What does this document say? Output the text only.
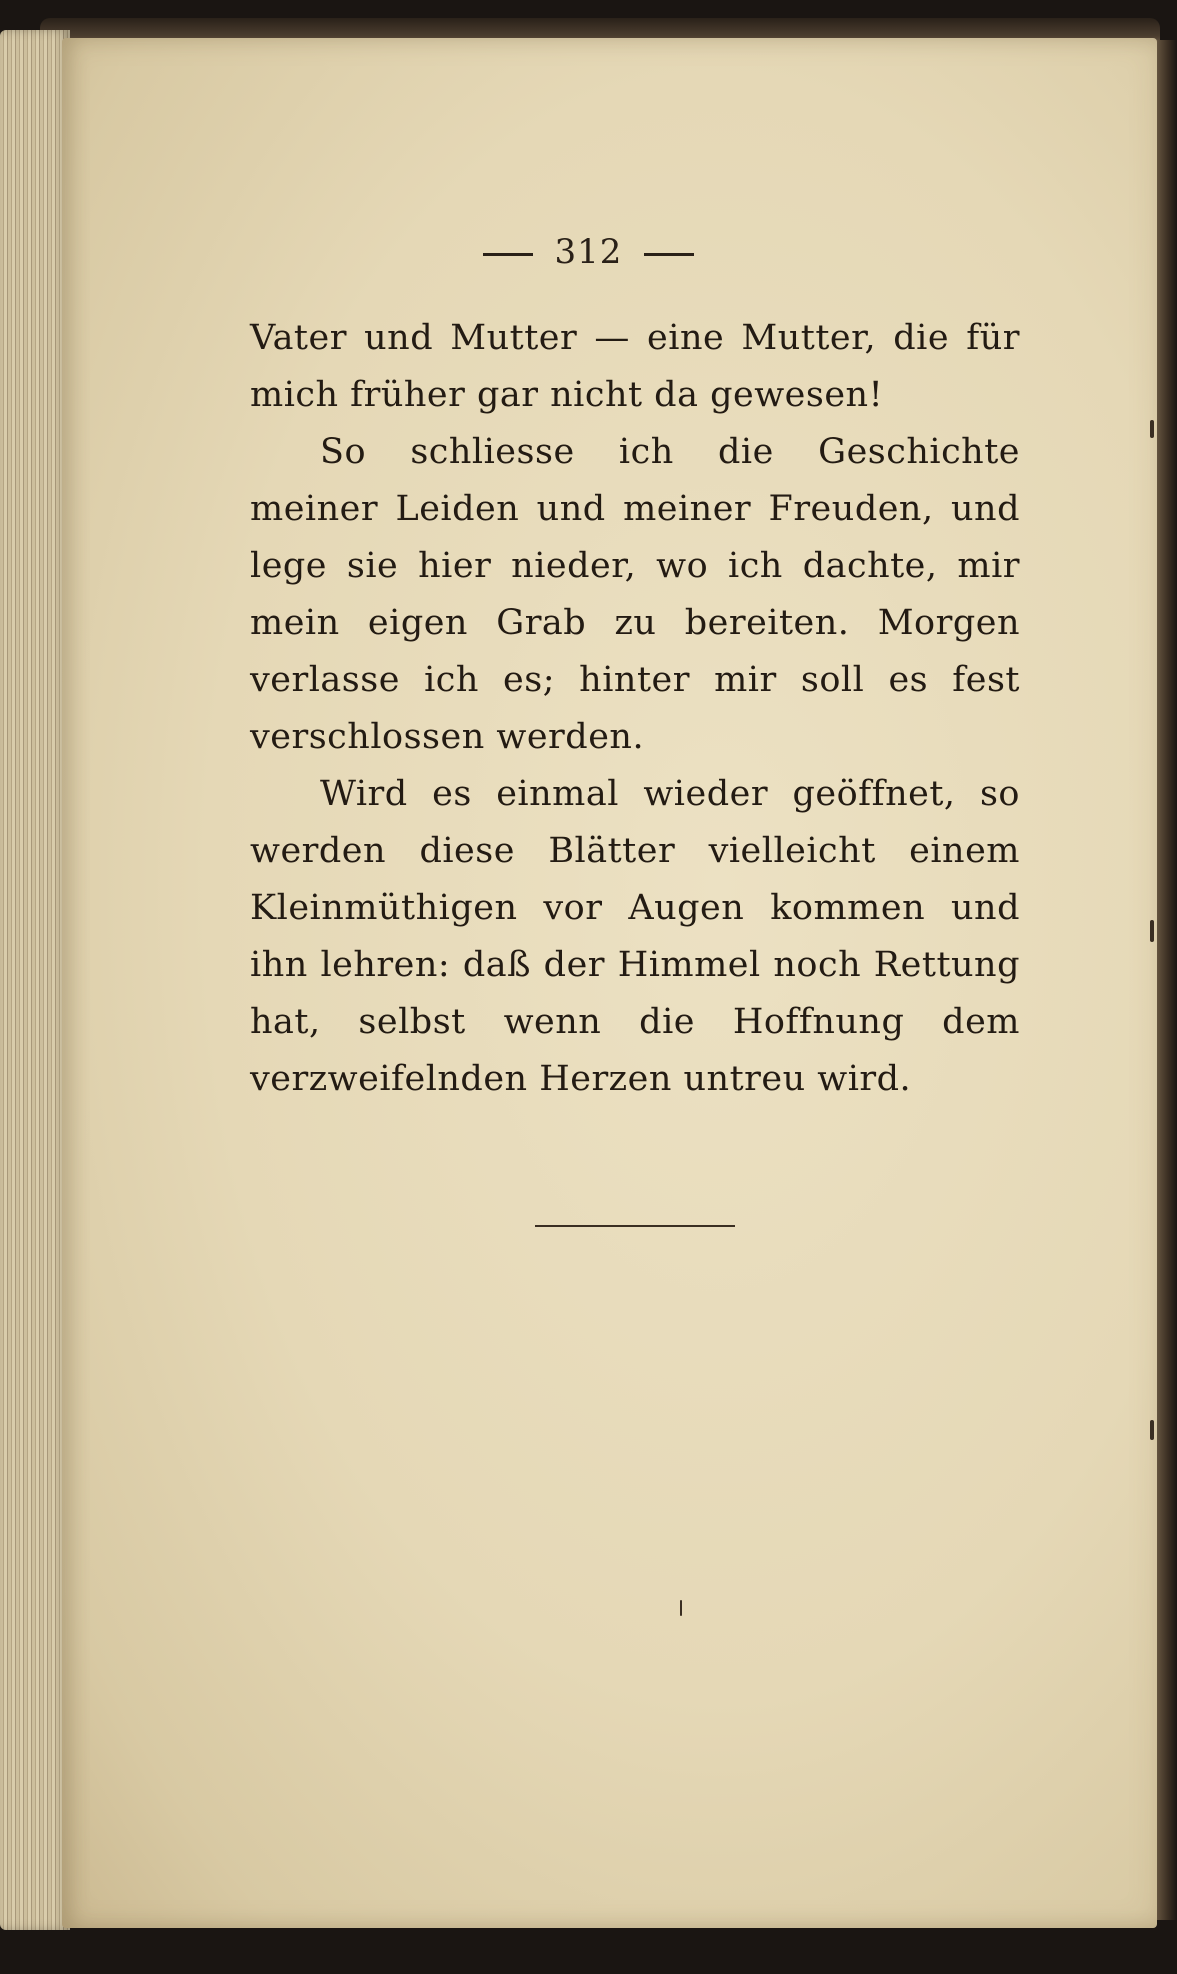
312

Vater und Mutter — eine Mutter, die für mich früher gar nicht da gewesen!

So schliesse ich die Geschichte meiner Leiden und meiner Freuden, und lege sie hier nieder, wo ich dachte, mir mein eigen Grab zu bereiten. Morgen verlasse ich es; hinter mir soll es fest verschlossen werden.

Wird es einmal wieder geöffnet, so werden diese Blätter vielleicht einem Kleinmüthigen vor Augen kommen und ihn lehren: daß der Himmel noch Rettung hat, selbst wenn die Hoffnung dem verzweifelnden Herzen untreu wird.
